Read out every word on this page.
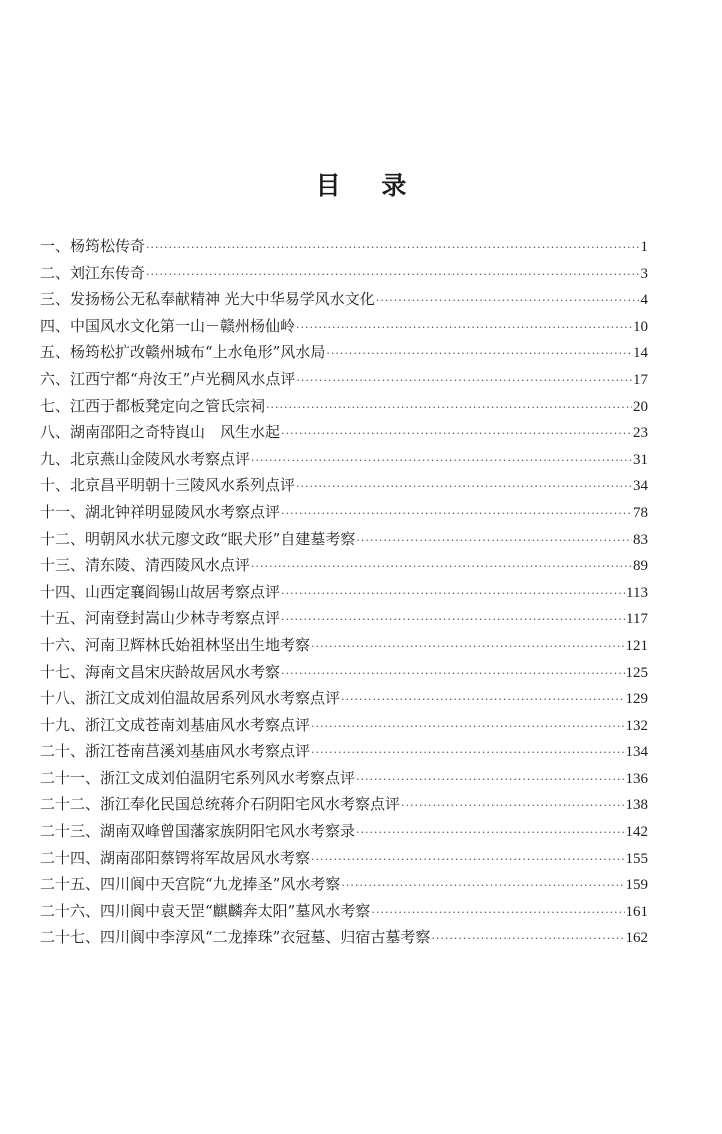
目 录
一、杨筠松传奇 ·····	1
二、刘江东传奇 ·····	3
三、发扬杨公无私奉献精神 光大中华易学风水文化 ·····	4
四、中国风水文化第一山－赣州杨仙岭 ·····	10
五、杨筠松扩改赣州城布“上水龟形”风水局 ·····	14
六、江西宁都“舟汝王”卢光稠风水点评 ·····	17
七、江西于都板凳定向之管氏宗祠 ·····	20
八、湖南邵阳之奇特崀山　风生水起 ·····	23
九、北京燕山金陵风水考察点评 ·····	31
十、北京昌平明朝十三陵风水系列点评 ·····	34
十一、湖北钟祥明显陵风水考察点评 ·····	78
十二、明朝风水状元廖文政“眠犬形”自建墓考察 ·····	83
十三、清东陵、清西陵风水点评 ·····	89
十四、山西定襄阎锡山故居考察点评 ·····	113
十五、河南登封嵩山少林寺考察点评 ·····	117
十六、河南卫辉林氏始祖林坚出生地考察 ·····	121
十七、海南文昌宋庆龄故居风水考察 ·····	125
十八、浙江文成刘伯温故居系列风水考察点评 ·····	129
十九、浙江文成苍南刘基庙风水考察点评 ·····	132
二十、浙江苍南莒溪刘基庙风水考察点评 ·····	134
二十一、浙江文成刘伯温阴宅系列风水考察点评 ·····	136
二十二、浙江奉化民国总统蒋介石阴阳宅风水考察点评 ·····	138
二十三、湖南双峰曾国藩家族阴阳宅风水考察录 ·····	142
二十四、湖南邵阳蔡锷将军故居风水考察 ·····	155
二十五、四川阆中天宫院“九龙捧圣”风水考察 ·····	159
二十六、四川阆中袁天罡“麒麟奔太阳”墓风水考察 ·····	161
二十七、四川阆中李淳风“二龙捧珠”衣冠墓、归宿古墓考察 ·····	162
